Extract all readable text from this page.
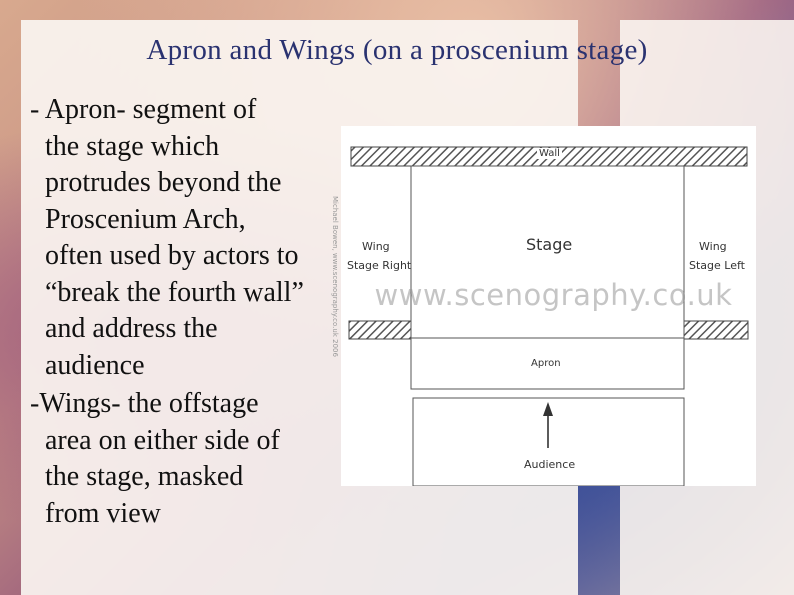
Apron and Wings (on a proscenium stage)

- Apron- segment of
the stage which
protrudes beyond the
Proscenium Arch,
often used by actors to
“break the fourth wall”
and address the
audience

-Wings- the offstage
area on either side of
the stage, masked
from view

www.scenography.co.uk
Wall
Stage
Wing
Stage Right
Wing
Stage Left
Apron
Audience
